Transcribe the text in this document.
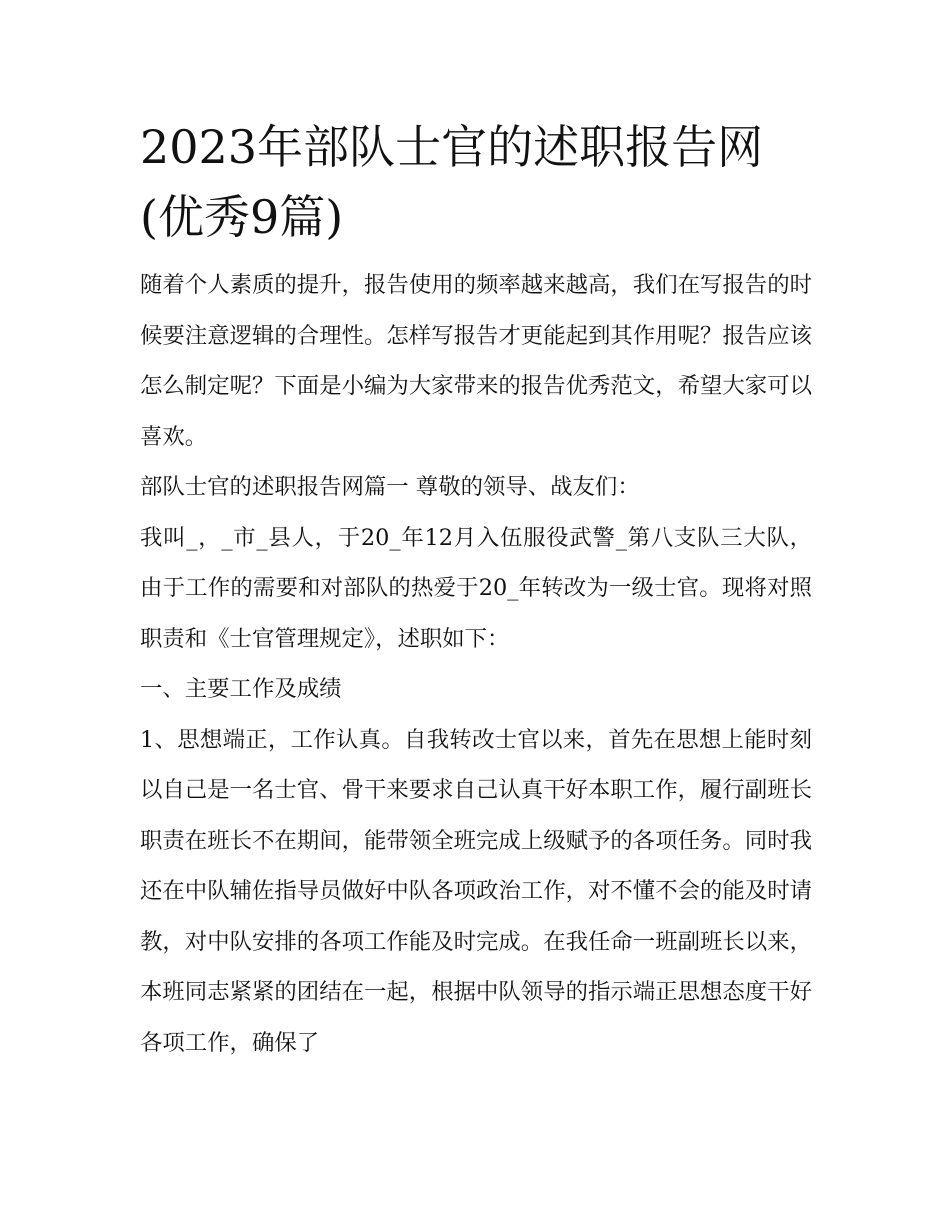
2023年部队士官的述职报告网(优秀9篇)

随着个人素质的提升，报告使用的频率越来越高，我们在写报告的时候要注意逻辑的合理性。怎样写报告才更能起到其作用呢？报告应该怎么制定呢？下面是小编为大家带来的报告优秀范文，希望大家可以喜欢。

部队士官的述职报告网篇一 尊敬的领导、战友们：

我叫_，_市_县人，于20_年12月入伍服役武警_第八支队三大队，由于工作的需要和对部队的热爱于20_年转改为一级士官。现将对照职责和《士官管理规定》，述职如下：

一、主要工作及成绩

1、思想端正，工作认真。自我转改士官以来，首先在思想上能时刻以自己是一名士官、骨干来要求自己认真干好本职工作，履行副班长职责在班长不在期间，能带领全班完成上级赋予的各项任务。同时我还在中队辅佐指导员做好中队各项政治工作，对不懂不会的能及时请教，对中队安排的各项工作能及时完成。在我任命一班副班长以来，本班同志紧紧的团结在一起，根据中队领导的指示端正思想态度干好各项工作，确保了
